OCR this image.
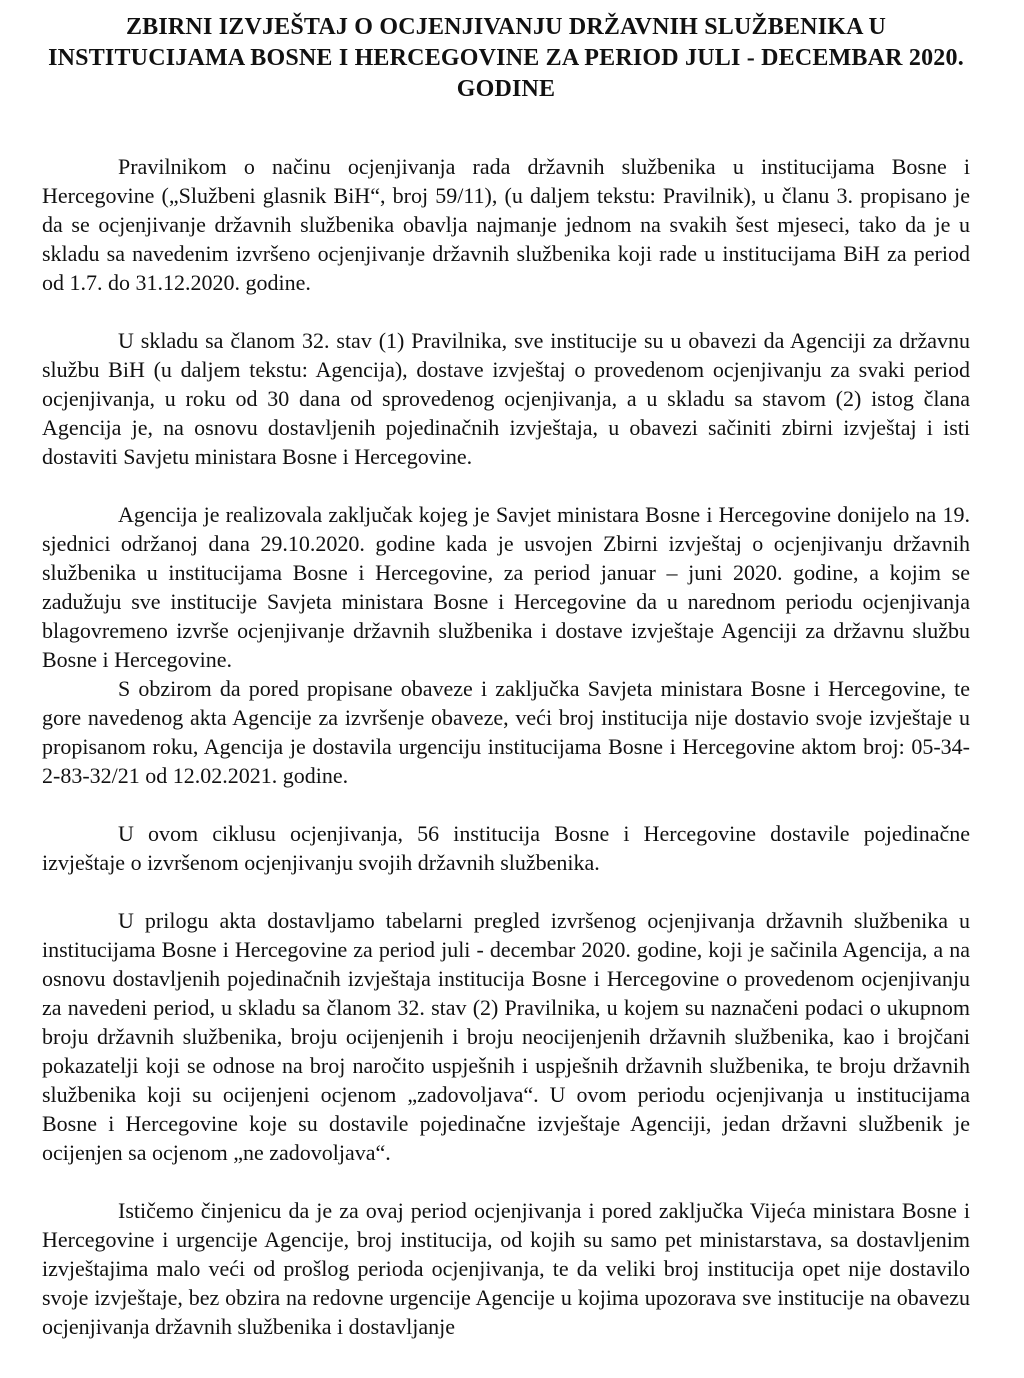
ZBIRNI IZVJEŠTAJ O OCJENJIVANJU DRŽAVNIH SLUŽBENIKA U
INSTITUCIJAMA BOSNE I HERCEGOVINE ZA PERIOD JULI - DECEMBAR 2020.
GODINE

Pravilnikom o načinu ocjenjivanja rada državnih službenika u institucijama Bosne i Hercegovine („Službeni glasnik BiH“, broj 59/11), (u daljem tekstu: Pravilnik), u članu 3. propisano je da se ocjenjivanje državnih službenika obavlja najmanje jednom na svakih šest mjeseci, tako da je u skladu sa navedenim izvršeno ocjenjivanje državnih službenika koji rade u institucijama BiH za period od 1.7. do 31.12.2020. godine.

U skladu sa članom 32. stav (1) Pravilnika, sve institucije su u obavezi da Agenciji za državnu službu BiH (u daljem tekstu: Agencija), dostave izvještaj o provedenom ocjenjivanju za svaki period ocjenjivanja, u roku od 30 dana od sprovedenog ocjenjivanja, a u skladu sa stavom (2) istog člana Agencija je, na osnovu dostavljenih pojedinačnih izvještaja, u obavezi sačiniti zbirni izvještaj i isti dostaviti Savjetu ministara Bosne i Hercegovine.

Agencija je realizovala zaključak kojeg je Savjet ministara Bosne i Hercegovine donijelo na 19. sjednici održanoj dana 29.10.2020. godine kada je usvojen Zbirni izvještaj o ocjenjivanju državnih službenika u institucijama Bosne i Hercegovine, za period januar – juni 2020. godine, a kojim se zadužuju sve institucije Savjeta ministara Bosne i Hercegovine da u narednom periodu ocjenjivanja blagovremeno izvrše ocjenjivanje državnih službenika i dostave izvještaje Agenciji za državnu službu Bosne i Hercegovine.

S obzirom da pored propisane obaveze i zaključka Savjeta ministara Bosne i Hercegovine, te gore navedenog akta Agencije za izvršenje obaveze, veći broj institucija nije dostavio svoje izvještaje u propisanom roku, Agencija je dostavila urgenciju institucijama Bosne i Hercegovine aktom broj: 05-34-2-83-32/21 od 12.02.2021. godine.

U ovom ciklusu ocjenjivanja, 56 institucija Bosne i Hercegovine dostavile pojedinačne izvještaje o izvršenom ocjenjivanju svojih državnih službenika.

U prilogu akta dostavljamo tabelarni pregled izvršenog ocjenjivanja državnih službenika u institucijama Bosne i Hercegovine za period juli - decembar 2020. godine, koji je sačinila Agencija, a na osnovu dostavljenih pojedinačnih izvještaja institucija Bosne i Hercegovine o provedenom ocjenjivanju za navedeni period, u skladu sa članom 32. stav (2) Pravilnika, u kojem su naznačeni podaci o ukupnom broju državnih službenika, broju ocijenjenih i broju neocijenjenih državnih službenika, kao i brojčani pokazatelji koji se odnose na broj naročito uspješnih i uspješnih državnih službenika, te broju državnih službenika koji su ocijenjeni ocjenom „zadovoljava“. U ovom periodu ocjenjivanja u institucijama Bosne i Hercegovine koje su dostavile pojedinačne izvještaje Agenciji, jedan državni službenik je ocijenjen sa ocjenom „ne zadovoljava“.

Ističemo činjenicu da je za ovaj period ocjenjivanja i pored zaključka Vijeća ministara Bosne i Hercegovine i urgencije Agencije, broj institucija, od kojih su samo pet ministarstava, sa dostavljenim izvještajima malo veći od prošlog perioda ocjenjivanja, te da veliki broj institucija opet nije dostavilo svoje izvještaje, bez obzira na redovne urgencije Agencije u kojima upozorava sve institucije na obavezu ocjenjivanja državnih službenika i dostavljanje
